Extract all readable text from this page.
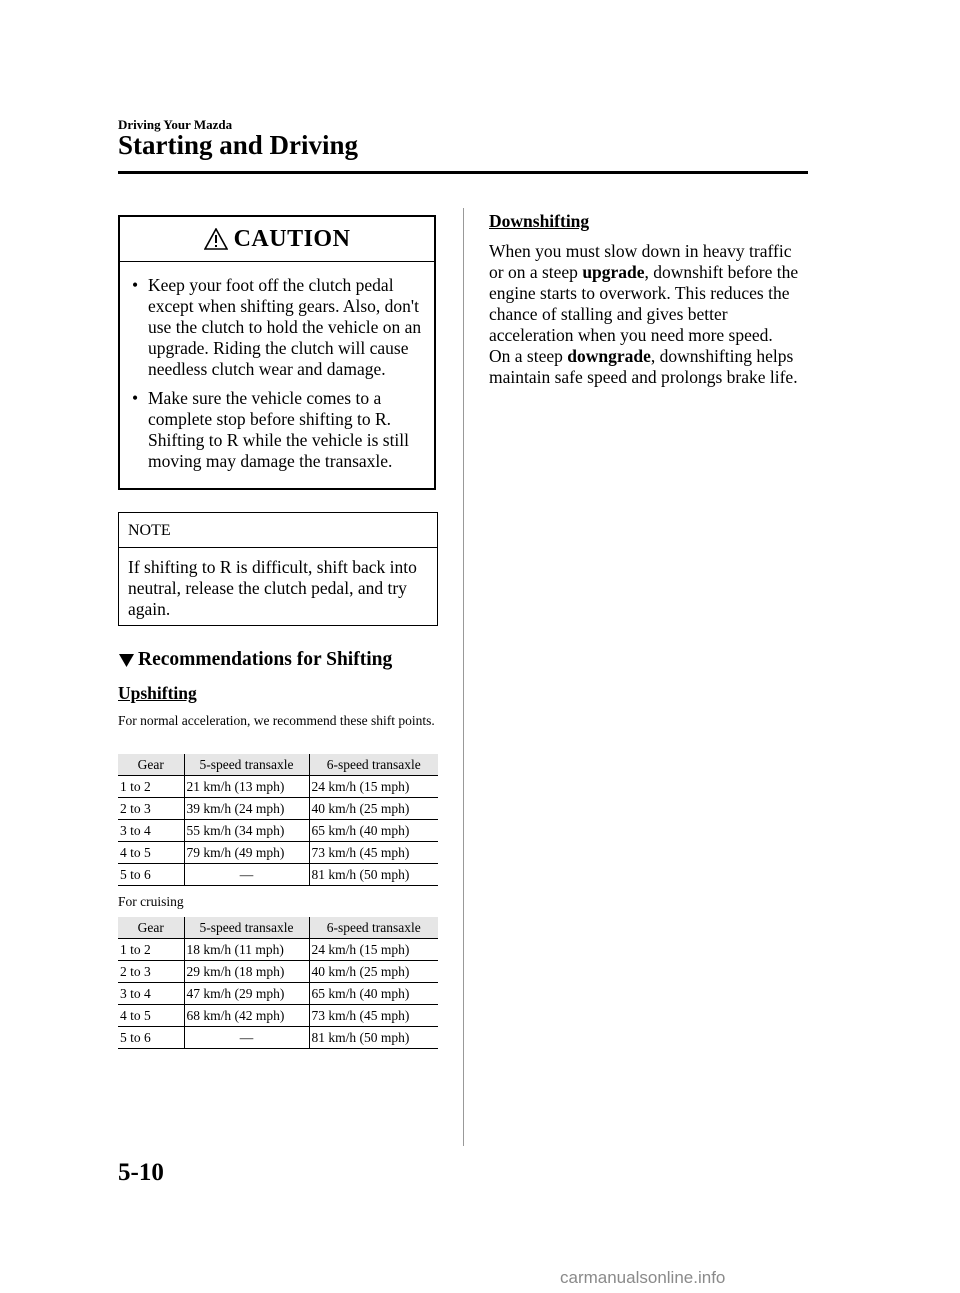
Driving Your Mazda
Starting and Driving
CAUTION
• Keep your foot off the clutch pedal except when shifting gears. Also, don't use the clutch to hold the vehicle on an upgrade. Riding the clutch will cause needless clutch wear and damage.
• Make sure the vehicle comes to a complete stop before shifting to R. Shifting to R while the vehicle is still moving may damage the transaxle.
NOTE
If shifting to R is difficult, shift back into neutral, release the clutch pedal, and try again.
Recommendations for Shifting
Upshifting
For normal acceleration, we recommend these shift points.
Gear	5-speed transaxle	6-speed transaxle
1 to 2	21 km/h (13 mph)	24 km/h (15 mph)
2 to 3	39 km/h (24 mph)	40 km/h (25 mph)
3 to 4	55 km/h (34 mph)	65 km/h (40 mph)
4 to 5	79 km/h (49 mph)	73 km/h (45 mph)
5 to 6	―	81 km/h (50 mph)
For cruising
Gear	5-speed transaxle	6-speed transaxle
1 to 2	18 km/h (11 mph)	24 km/h (15 mph)
2 to 3	29 km/h (18 mph)	40 km/h (25 mph)
3 to 4	47 km/h (29 mph)	65 km/h (40 mph)
4 to 5	68 km/h (42 mph)	73 km/h (45 mph)
5 to 6	―	81 km/h (50 mph)
Downshifting
When you must slow down in heavy traffic or on a steep upgrade, downshift before the engine starts to overwork. This reduces the chance of stalling and gives better acceleration when you need more speed.
On a steep downgrade, downshifting helps maintain safe speed and prolongs brake life.
5-10
carmanualsonline.info
